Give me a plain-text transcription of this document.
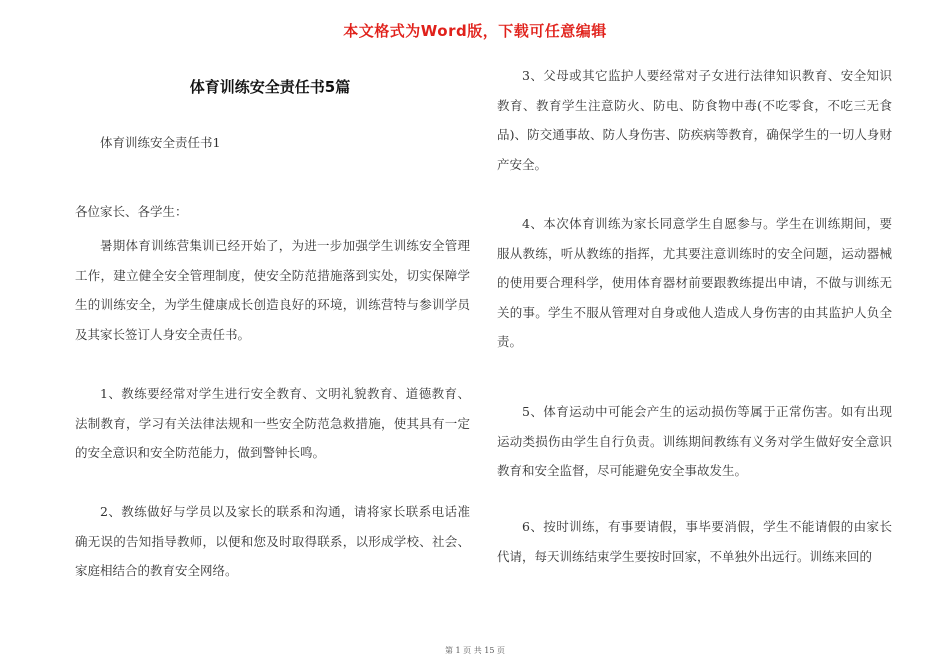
本文格式为Word版，下载可任意编辑
体育训练安全责任书5篇
体育训练安全责任书1
各位家长、各学生：

暑期体育训练营集训已经开始了，为进一步加强学生训练安全管理工作，建立健全安全管理制度，使安全防范措施落到实处，切实保障学生的训练安全，为学生健康成长创造良好的环境，训练营特与参训学员及其家长签订人身安全责任书。

1、教练要经常对学生进行安全教育、文明礼貌教育、道德教育、法制教育，学习有关法律法规和一些安全防范急救措施，使其具有一定的安全意识和安全防范能力，做到警钟长鸣。

2、教练做好与学员以及家长的联系和沟通，请将家长联系电话准确无误的告知指导教师，以便和您及时取得联系，以形成学校、社会、家庭相结合的教育安全网络。

3、父母或其它监护人要经常对子女进行法律知识教育、安全知识教育、教育学生注意防火、防电、防食物中毒(不吃零食，不吃三无食品)、防交通事故、防人身伤害、防疾病等教育，确保学生的一切人身财产安全。

4、本次体育训练为家长同意学生自愿参与。学生在训练期间，要服从教练，听从教练的指挥，尤其要注意训练时的安全问题，运动器械的使用要合理科学，使用体育器材前要跟教练提出申请，不做与训练无关的事。学生不服从管理对自身或他人造成人身伤害的由其监护人负全责。

5、体育运动中可能会产生的运动损伤等属于正常伤害。如有出现运动类损伤由学生自行负责。训练期间教练有义务对学生做好安全意识教育和安全监督，尽可能避免安全事故发生。

6、按时训练，有事要请假，事毕要消假，学生不能请假的由家长代请，每天训练结束学生要按时回家，不单独外出远行。训练来回的

第 1 页 共 15 页
